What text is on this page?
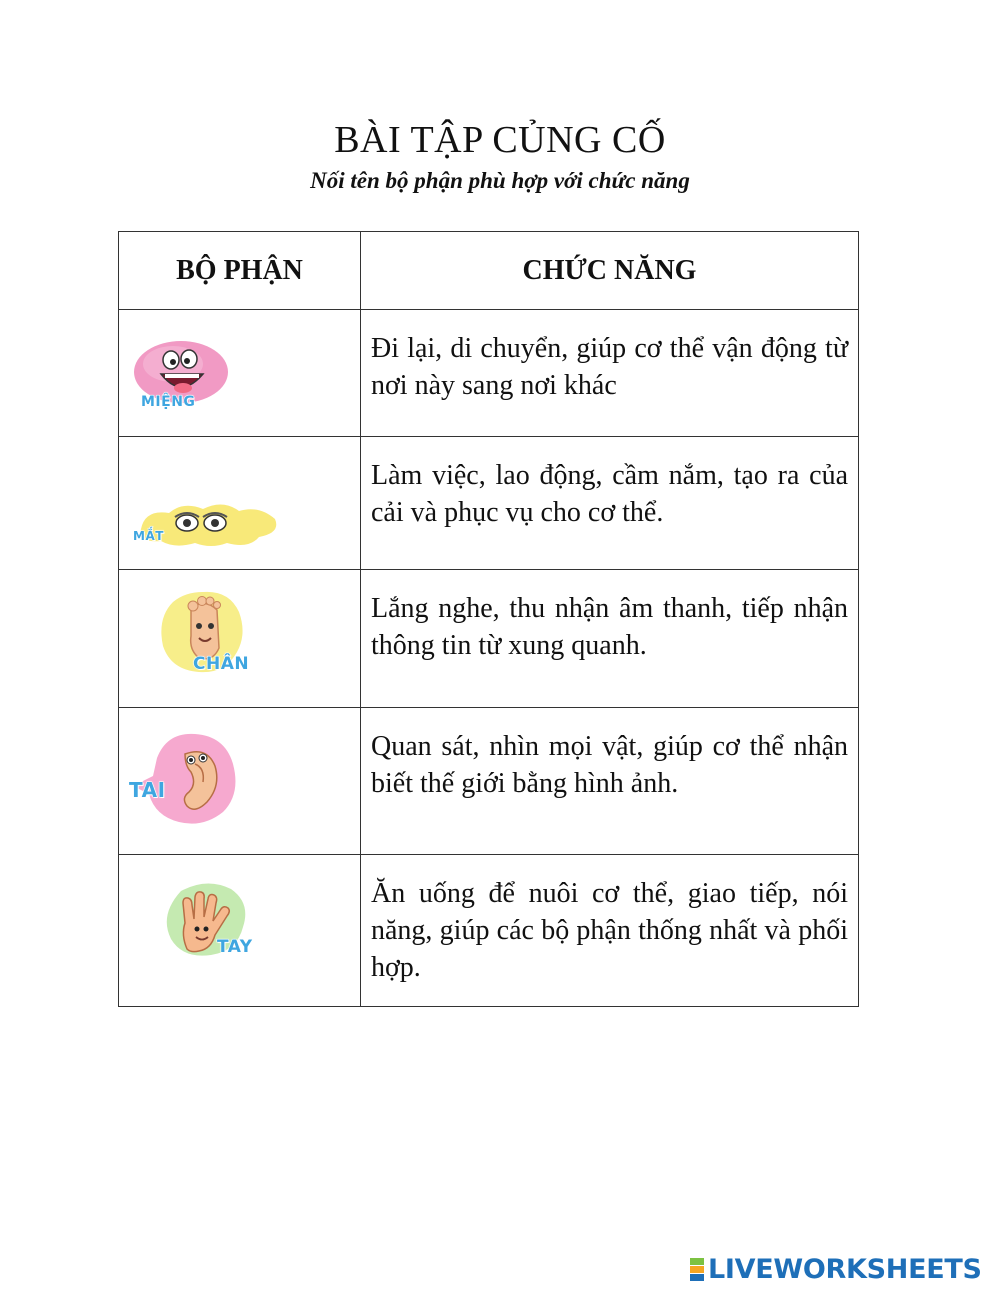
BÀI TẬP CỦNG CỐ
Nối tên bộ phận phù hợp với chức năng
BỘ PHẬN	CHỨC NĂNG

MIỆNG	Đi lại, di chuyển, giúp cơ thể vận động từ nơi này sang nơi khác

MẮT	Làm việc, lao động, cầm nắm, tạo ra của cải và phục vụ cho cơ thể.

CHÂN	Lắng nghe, thu nhận âm thanh, tiếp nhận thông tin từ xung quanh.

TAI	Quan sát, nhìn mọi vật, giúp cơ thể nhận biết thế giới bằng hình ảnh.

TAY	Ăn uống để nuôi cơ thể, giao tiếp, nói năng, giúp các bộ phận thống nhất và phối hợp.
LIVEWORKSHEETS
